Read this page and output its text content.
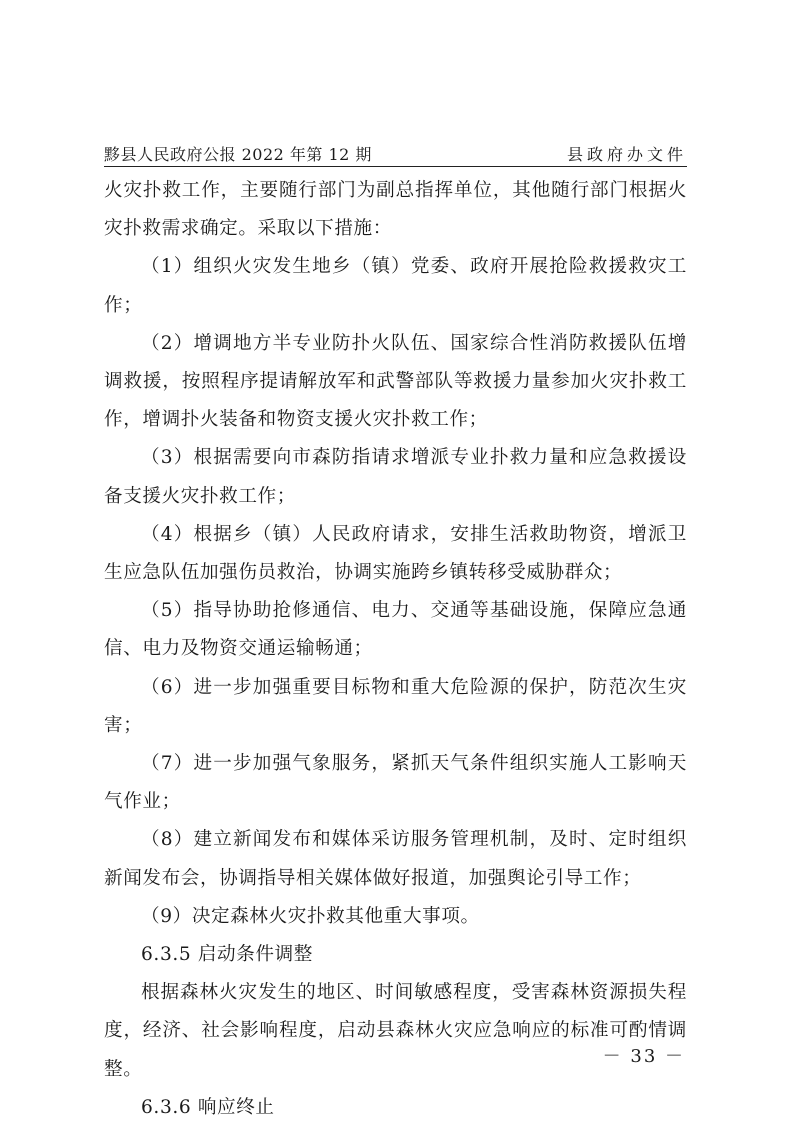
黟县人民政府公报 2022 年第 12 期	县政府办文件

火灾扑救工作，主要随行部门为副总指挥单位，其他随行部门根据火灾扑救需求确定。采取以下措施：

（1）组织火灾发生地乡（镇）党委、政府开展抢险救援救灾工作；

（2）增调地方半专业防扑火队伍、国家综合性消防救援队伍增调救援，按照程序提请解放军和武警部队等救援力量参加火灾扑救工作，增调扑火装备和物资支援火灾扑救工作；

（3）根据需要向市森防指请求增派专业扑救力量和应急救援设备支援火灾扑救工作；

（4）根据乡（镇）人民政府请求，安排生活救助物资，增派卫生应急队伍加强伤员救治，协调实施跨乡镇转移受威胁群众；

（5）指导协助抢修通信、电力、交通等基础设施，保障应急通信、电力及物资交通运输畅通；

（6）进一步加强重要目标物和重大危险源的保护，防范次生灾害；

（7）进一步加强气象服务，紧抓天气条件组织实施人工影响天气作业；

（8）建立新闻发布和媒体采访服务管理机制，及时、定时组织新闻发布会，协调指导相关媒体做好报道，加强舆论引导工作；

（9）决定森林火灾扑救其他重大事项。

6.3.5 启动条件调整

根据森林火灾发生的地区、时间敏感程度，受害森林资源损失程度，经济、社会影响程度，启动县森林火灾应急响应的标准可酌情调整。

6.3.6 响应终止

－ 33 －
